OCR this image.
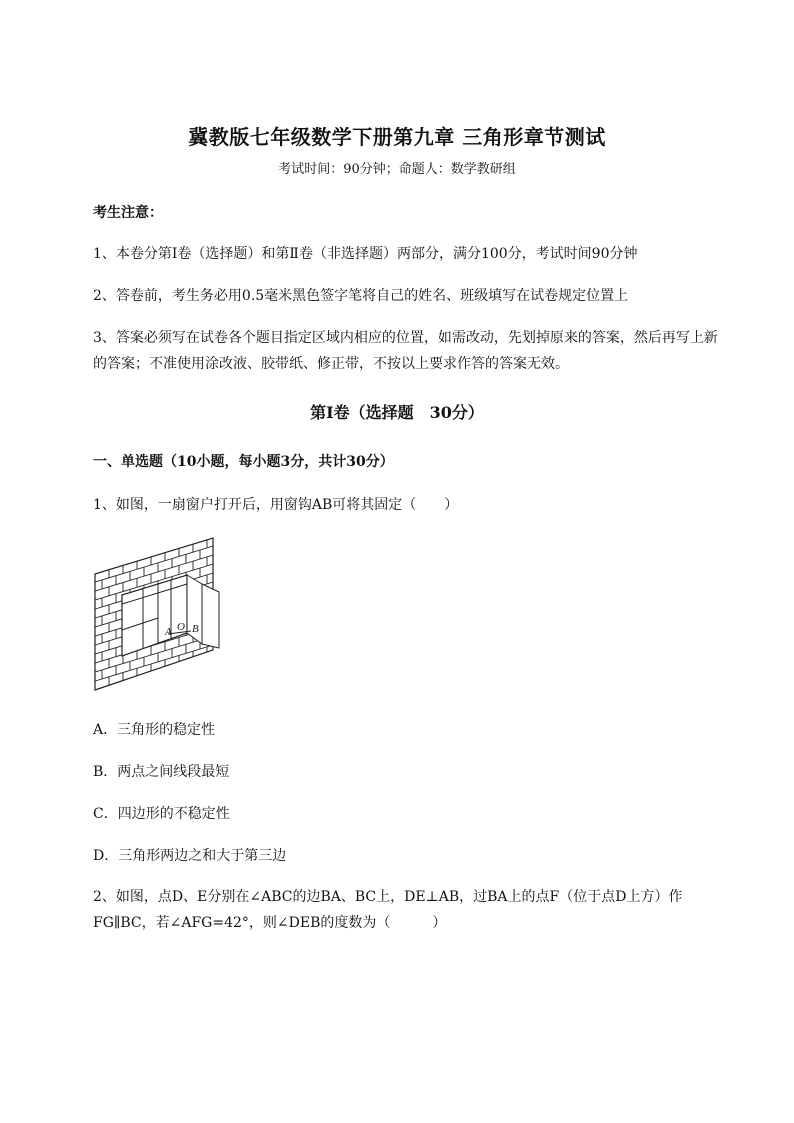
冀教版七年级数学下册第九章 三角形章节测试
考试时间：90分钟；命题人：数学教研组
考生注意：
1、本卷分第Ⅰ卷（选择题）和第Ⅱ卷（非选择题）两部分，满分100分，考试时间90分钟
2、答卷前，考生务必用0.5毫米黑色签字笔将自己的姓名、班级填写在试卷规定位置上
3、答案必须写在试卷各个题目指定区域内相应的位置，如需改动，先划掉原来的答案，然后再写上新
的答案；不准使用涂改液、胶带纸、修正带，不按以上要求作答的答案无效。
第Ⅰ卷（选择题　30分）
一、单选题（10小题，每小题3分，共计30分）
1、如图，一扇窗户打开后，用窗钩AB可将其固定（　　）
A O B
A．三角形的稳定性
B．两点之间线段最短
C．四边形的不稳定性
D．三角形两边之和大于第三边
2、如图，点D、E分别在∠ABC的边BA、BC上，DE⊥AB，过BA上的点F（位于点D上方）作
FG∥BC，若∠AFG=42°，则∠DEB的度数为（　　　）
